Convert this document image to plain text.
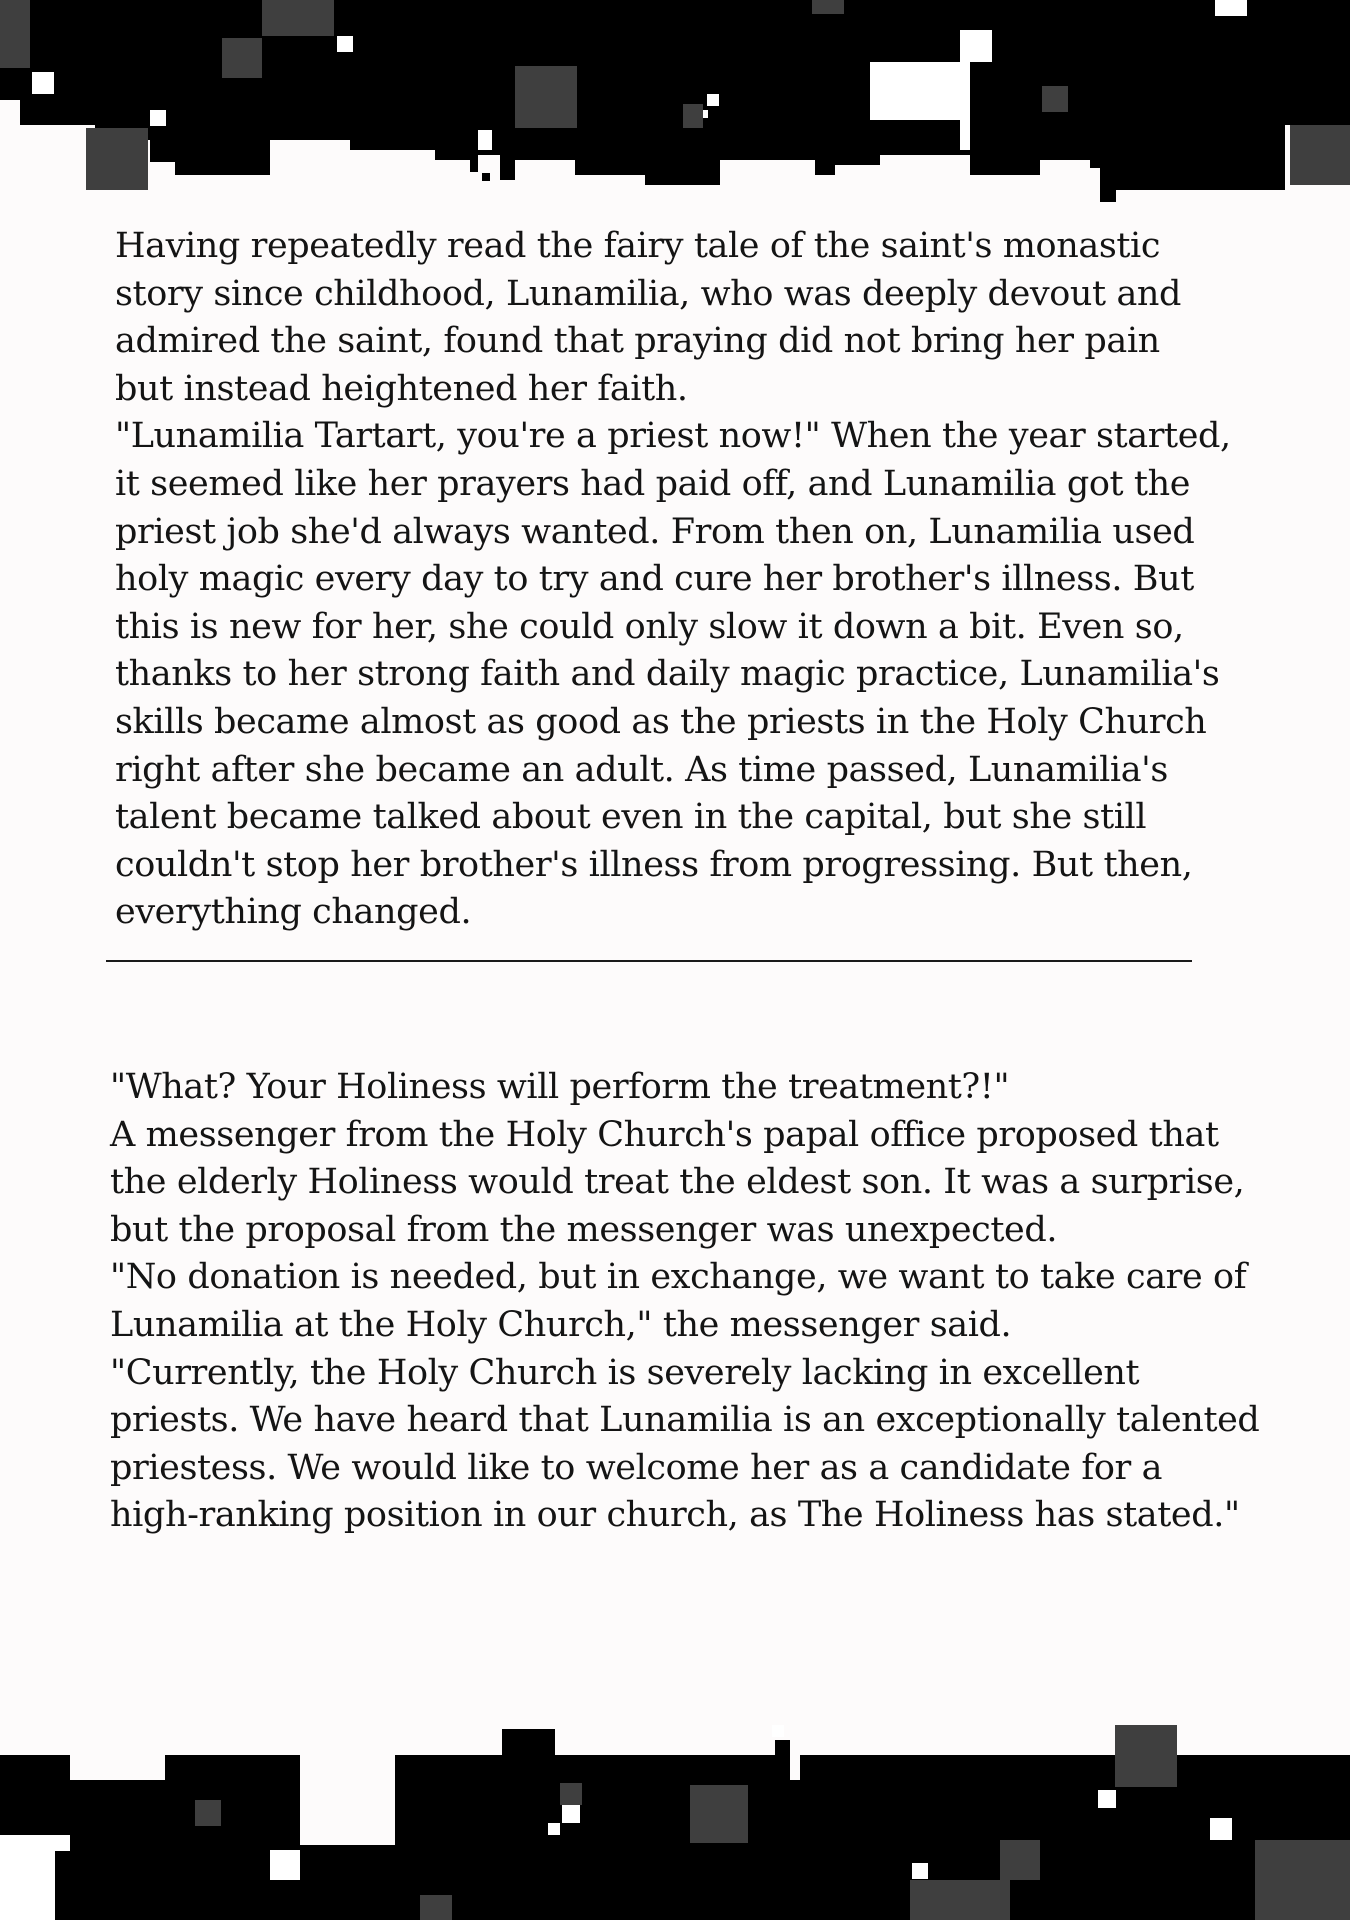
Having repeatedly read the fairy tale of the saint's monastic
story since childhood, Lunamilia, who was deeply devout and
admired the saint, found that praying did not bring her pain
but instead heightened her faith.
"Lunamilia Tartart, you're a priest now!" When the year started,
it seemed like her prayers had paid off, and Lunamilia got the
priest job she'd always wanted. From then on, Lunamilia used
holy magic every day to try and cure her brother's illness. But
this is new for her, she could only slow it down a bit. Even so,
thanks to her strong faith and daily magic practice, Lunamilia's
skills became almost as good as the priests in the Holy Church
right after she became an adult. As time passed, Lunamilia's
talent became talked about even in the capital, but she still
couldn't stop her brother's illness from progressing. But then,
everything changed.
"What? Your Holiness will perform the treatment?!"
A messenger from the Holy Church's papal office proposed that
the elderly Holiness would treat the eldest son. It was a surprise,
but the proposal from the messenger was unexpected.
"No donation is needed, but in exchange, we want to take care of
Lunamilia at the Holy Church," the messenger said.
"Currently, the Holy Church is severely lacking in excellent
priests. We have heard that Lunamilia is an exceptionally talented
priestess. We would like to welcome her as a candidate for a
high-ranking position in our church, as The Holiness has stated."
